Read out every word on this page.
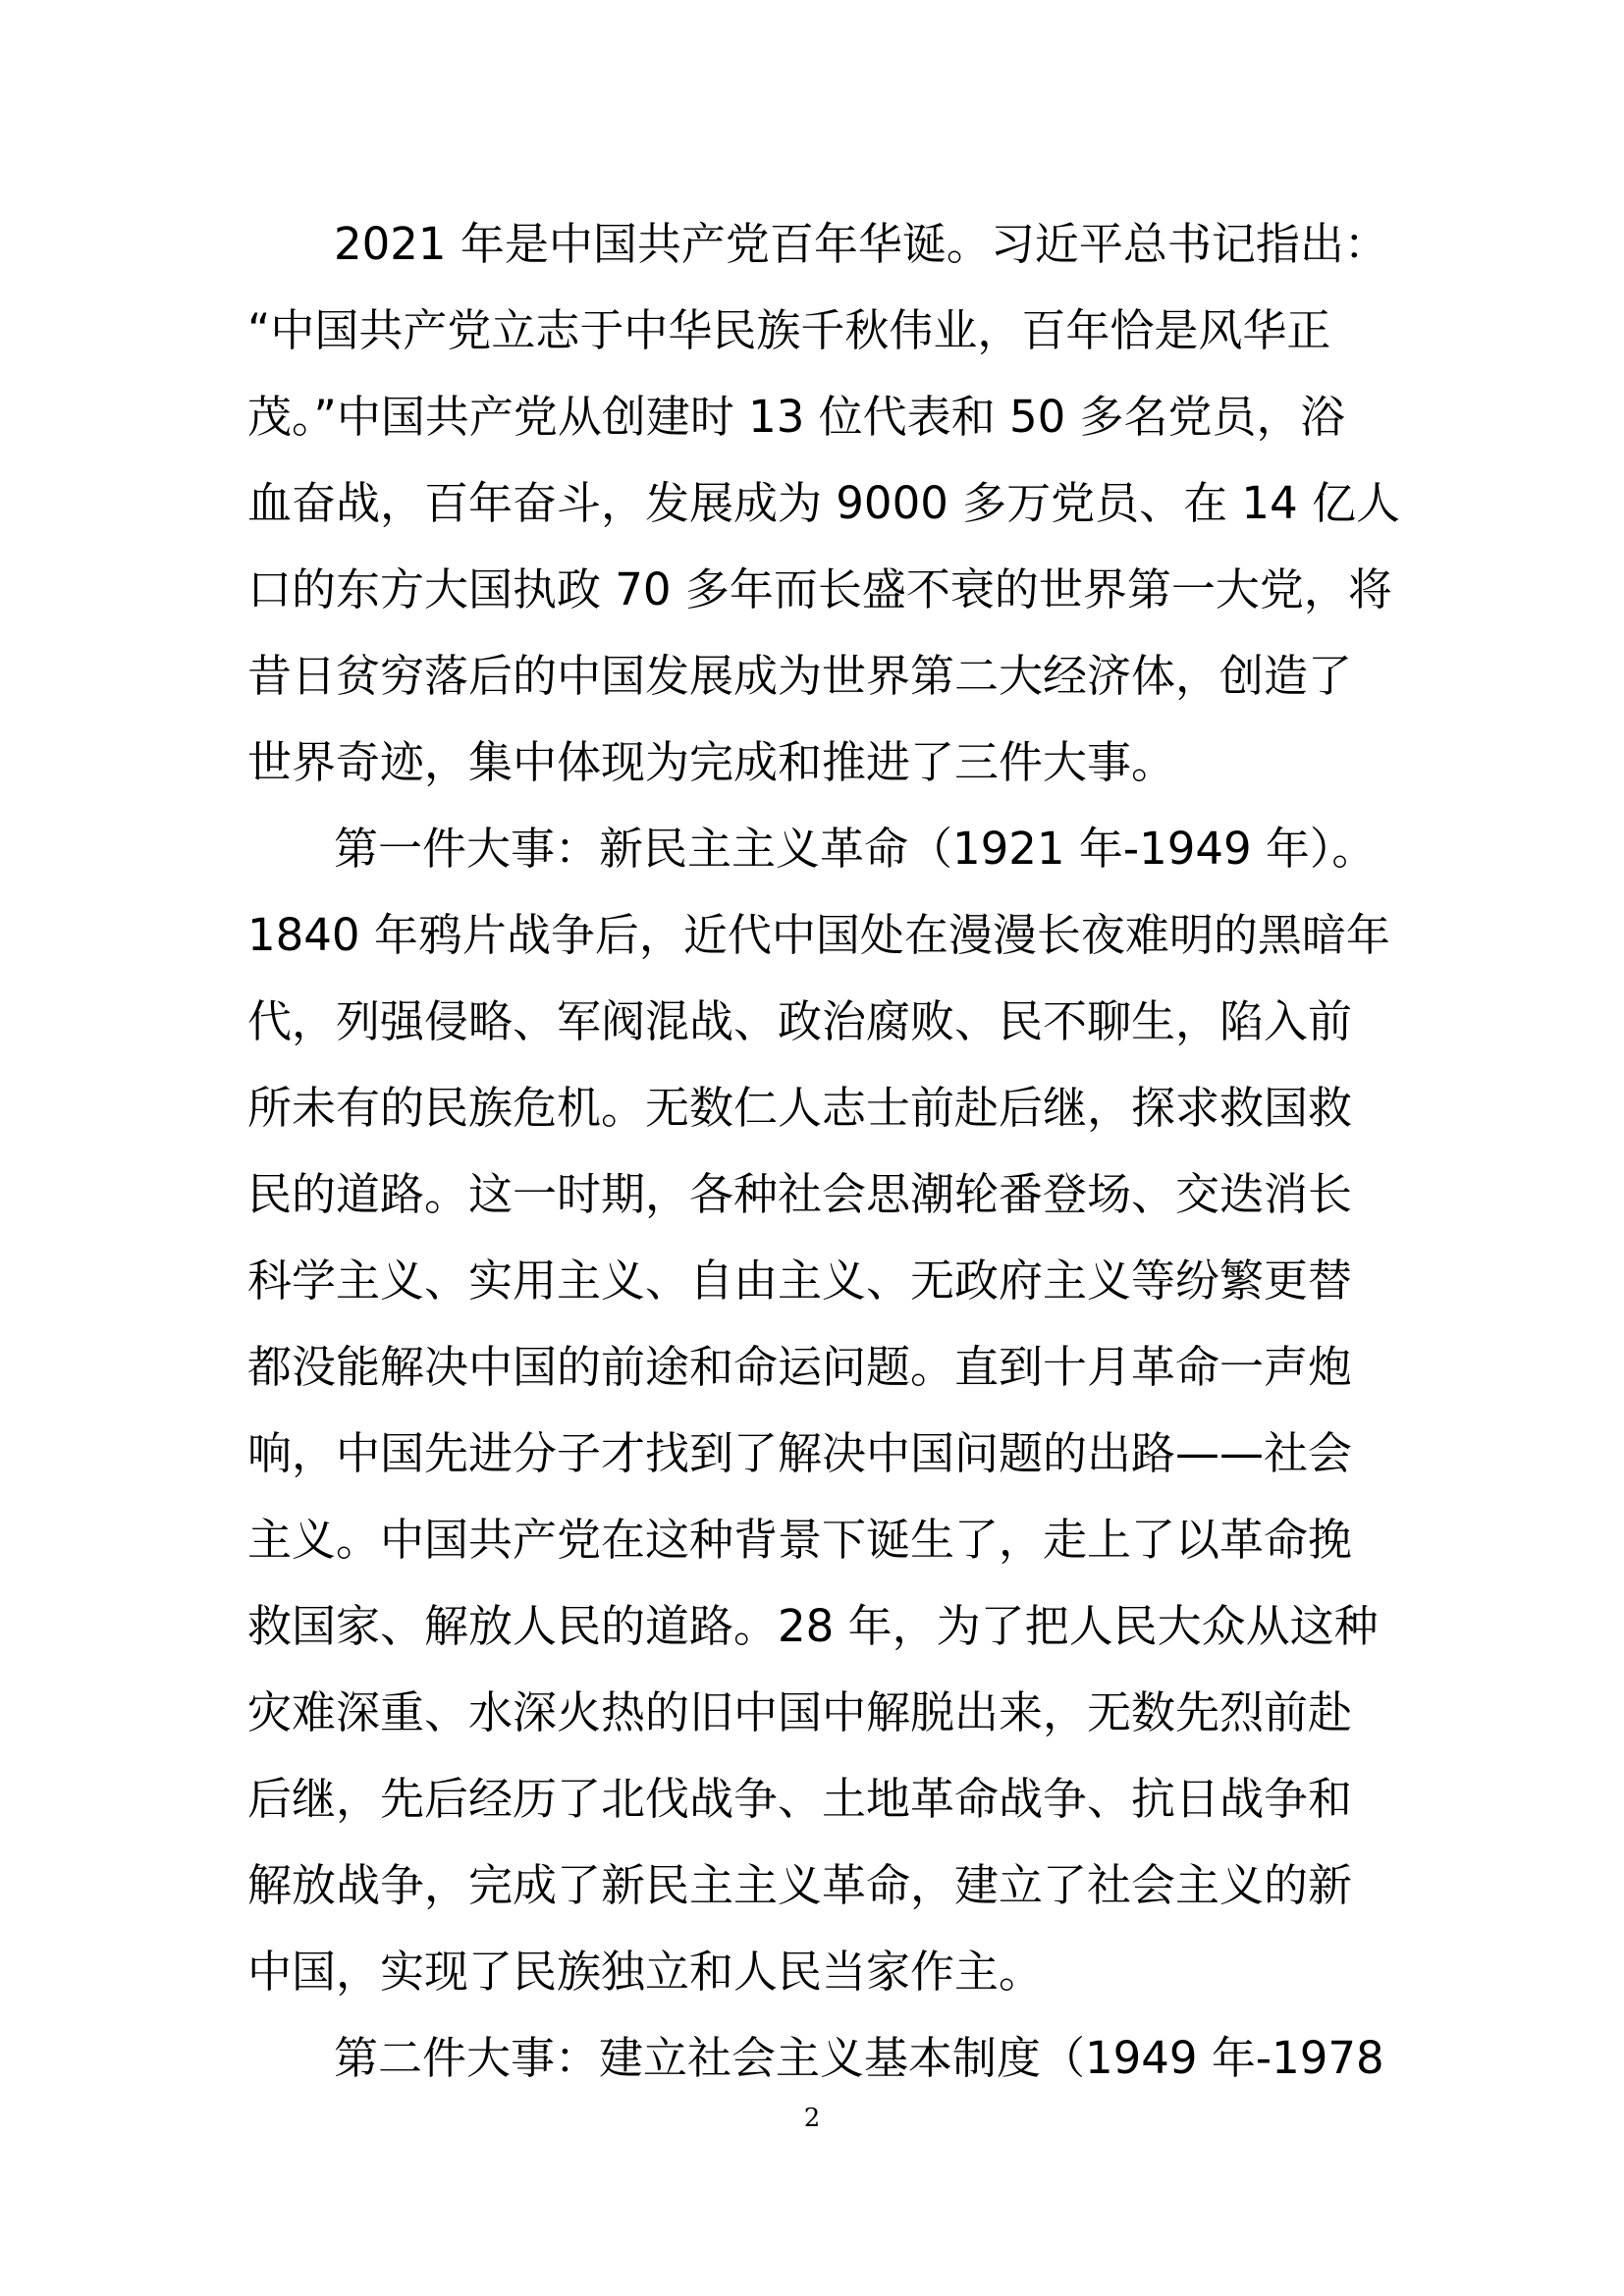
2021 年是中国共产党百年华诞。习近平总书记指出：
“中国共产党立志于中华民族千秋伟业，百年恰是风华正
茂。”中国共产党从创建时 13 位代表和 50 多名党员，浴
血奋战，百年奋斗，发展成为 9000 多万党员、在 14 亿人
口的东方大国执政 70 多年而长盛不衰的世界第一大党，将
昔日贫穷落后的中国发展成为世界第二大经济体，创造了
世界奇迹，集中体现为完成和推进了三件大事。
第一件大事：新民主主义革命（1921 年-1949 年）。
1840 年鸦片战争后，近代中国处在漫漫长夜难明的黑暗年
代，列强侵略、军阀混战、政治腐败、民不聊生，陷入前
所未有的民族危机。无数仁人志士前赴后继，探求救国救
民的道路。这一时期，各种社会思潮轮番登场、交迭消长
科学主义、实用主义、自由主义、无政府主义等纷繁更替
都没能解决中国的前途和命运问题。直到十月革命一声炮
响，中国先进分子才找到了解决中国问题的出路——社会
主义。中国共产党在这种背景下诞生了，走上了以革命挽
救国家、解放人民的道路。28 年，为了把人民大众从这种
灾难深重、水深火热的旧中国中解脱出来，无数先烈前赴
后继，先后经历了北伐战争、土地革命战争、抗日战争和
解放战争，完成了新民主主义革命，建立了社会主义的新
中国，实现了民族独立和人民当家作主。
第二件大事：建立社会主义基本制度（1949 年-1978
2
